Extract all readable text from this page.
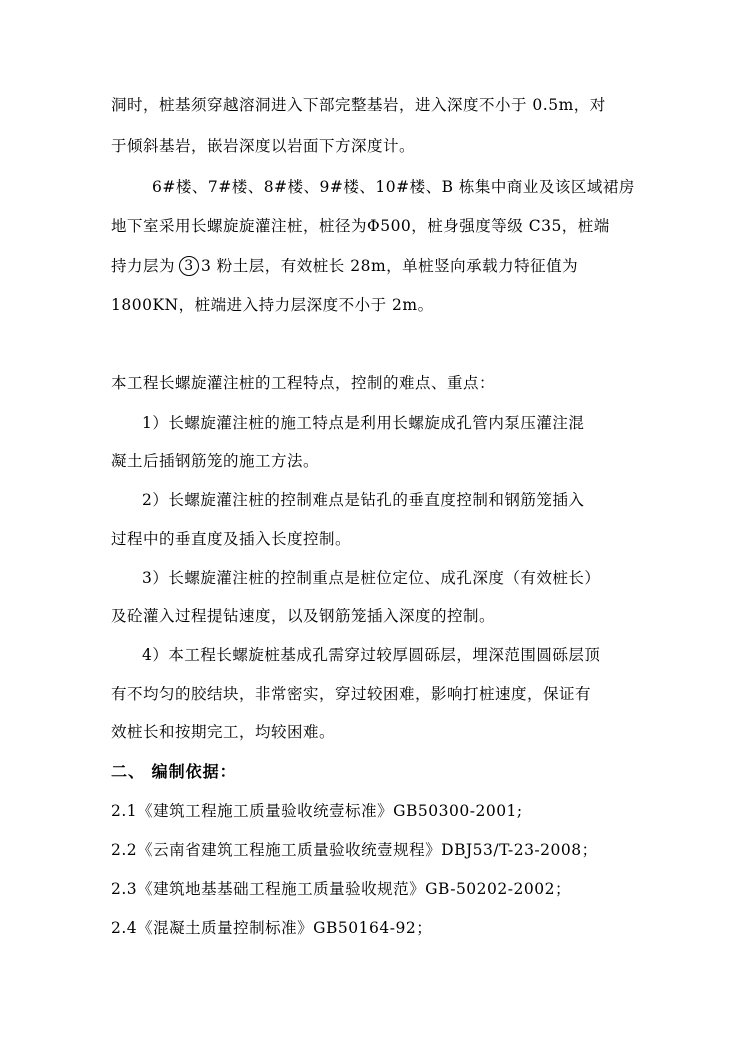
洞时，桩基须穿越溶洞进入下部完整基岩，进入深度不小于 0.5m，对
于倾斜基岩，嵌岩深度以岩面下方深度计。
6#楼、7#楼、8#楼、9#楼、10#楼、B 栋集中商业及该区域裙房
地下室采用长螺旋旋灌注桩，桩径为Φ500，桩身强度等级 C35，桩端
持力层为 3 3 粉土层，有效桩长 28m，单桩竖向承载力特征值为
1800KN，桩端进入持力层深度不小于 2m。
本工程长螺旋灌注桩的工程特点，控制的难点、重点：
1）长螺旋灌注桩的施工特点是利用长螺旋成孔管内泵压灌注混
凝土后插钢筋笼的施工方法。
2）长螺旋灌注桩的控制难点是钻孔的垂直度控制和钢筋笼插入
过程中的垂直度及插入长度控制。
3）长螺旋灌注桩的控制重点是桩位定位、成孔深度（有效桩长）
及砼灌入过程提钻速度，以及钢筋笼插入深度的控制。
4）本工程长螺旋桩基成孔需穿过较厚圆砾层，埋深范围圆砾层顶
有不均匀的胶结块，非常密实，穿过较困难，影响打桩速度，保证有
效桩长和按期完工，均较困难。
二、 编制依据：
2.1《建筑工程施工质量验收统壹标准》GB50300-2001;
2.2《云南省建筑工程施工质量验收统壹规程》DBJ53/T-23-2008；
2.3《建筑地基基础工程施工质量验收规范》GB-50202-2002；
2.4《混凝土质量控制标准》GB50164-92；
